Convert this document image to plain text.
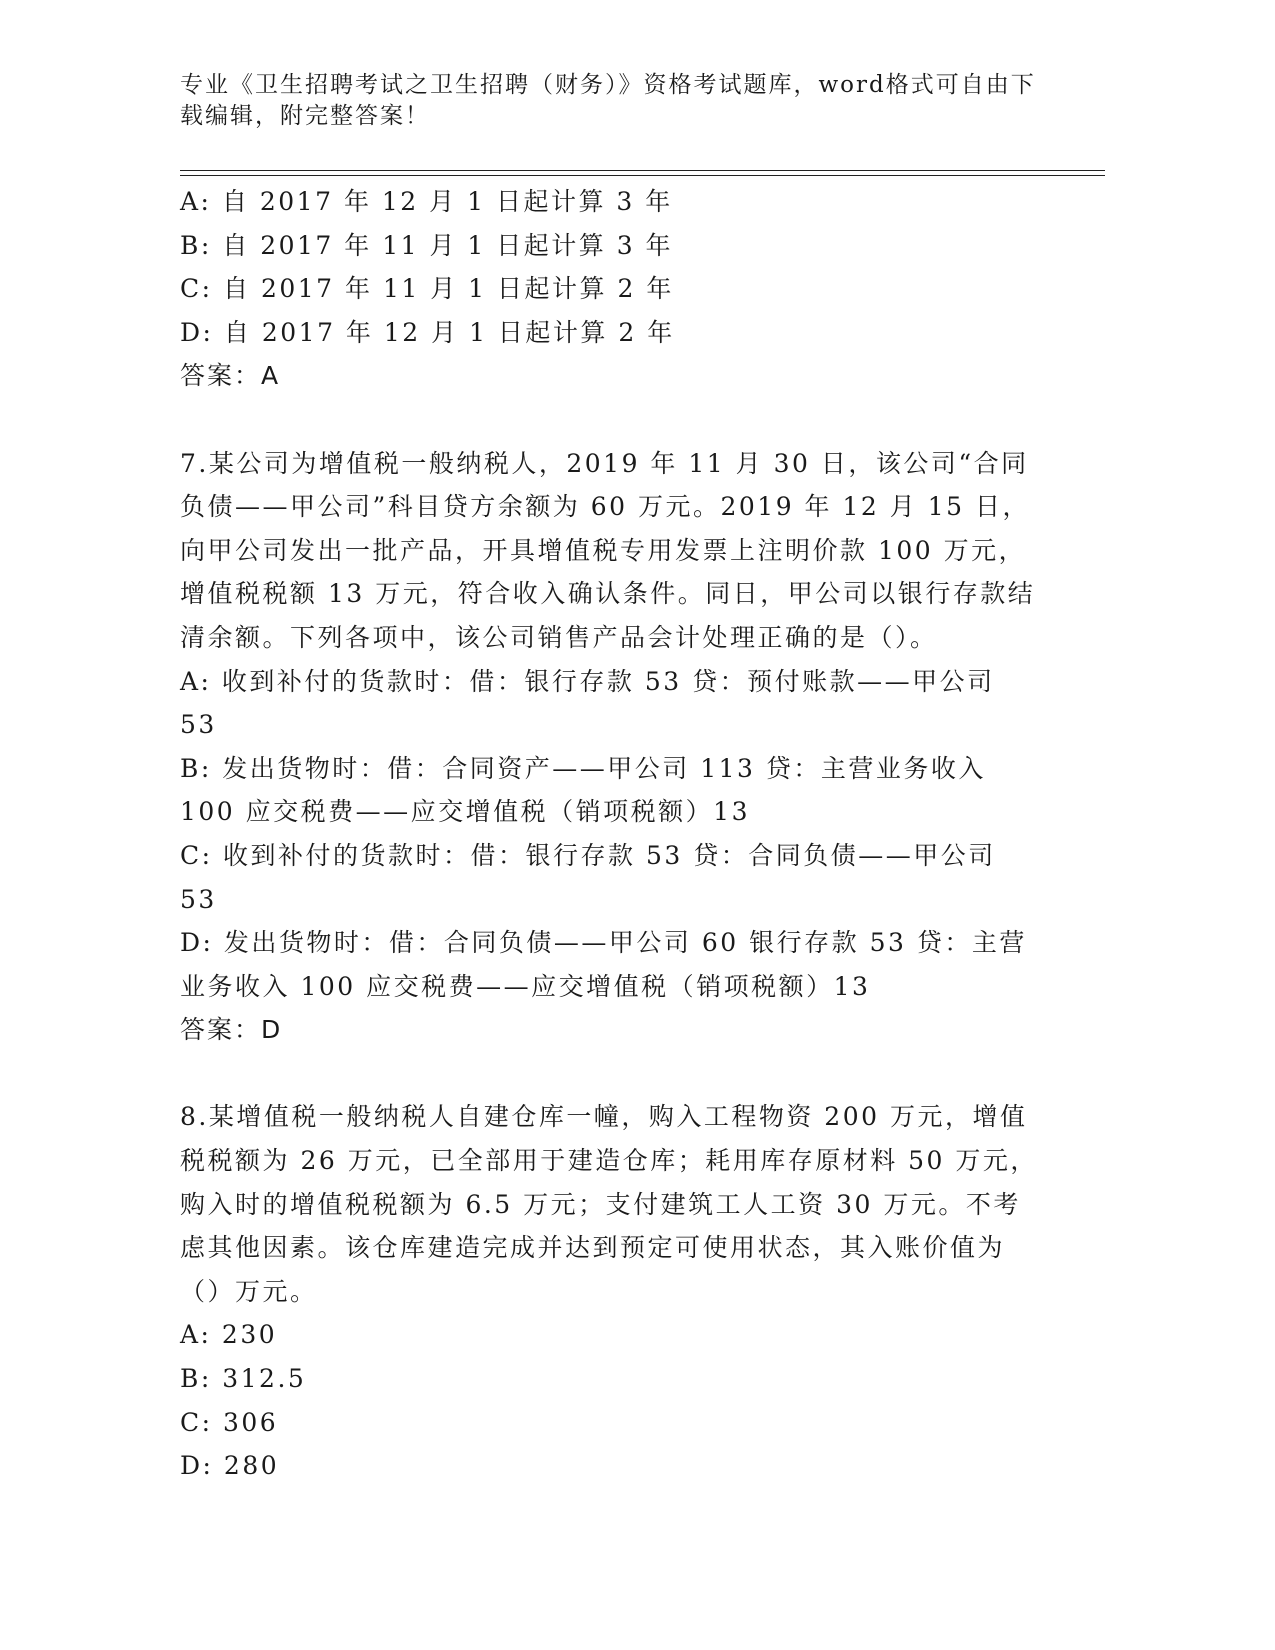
专业《卫生招聘考试之卫生招聘（财务）》资格考试题库，word格式可自由下载编辑，附完整答案！
A: 自 2017 年 12 月 1 日起计算 3 年
B: 自 2017 年 11 月 1 日起计算 3 年
C: 自 2017 年 11 月 1 日起计算 2 年
D: 自 2017 年 12 月 1 日起计算 2 年
答案：A
7.某公司为增值税一般纳税人，2019 年 11 月 30 日，该公司“合同负债——甲公司”科目贷方余额为 60 万元。2019 年 12 月 15 日，向甲公司发出一批产品，开具增值税专用发票上注明价款 100 万元，增值税税额 13 万元，符合收入确认条件。同日，甲公司以银行存款结清余额。下列各项中，该公司销售产品会计处理正确的是（）。
A: 收到补付的货款时：借：银行存款 53 贷：预付账款——甲公司 53
B: 发出货物时：借：合同资产——甲公司 113 贷：主营业务收入 100 应交税费——应交增值税（销项税额）13
C: 收到补付的货款时：借：银行存款 53 贷：合同负债——甲公司 53
D: 发出货物时：借：合同负债——甲公司 60 银行存款 53 贷：主营业务收入 100 应交税费——应交增值税（销项税额）13
答案：D
8.某增值税一般纳税人自建仓库一幢，购入工程物资 200 万元，增值税税额为 26 万元，已全部用于建造仓库；耗用库存原材料 50 万元，购入时的增值税税额为 6.5 万元；支付建筑工人工资 30 万元。不考虑其他因素。该仓库建造完成并达到预定可使用状态，其入账价值为（）万元。
A: 230
B: 312.5
C: 306
D: 280
